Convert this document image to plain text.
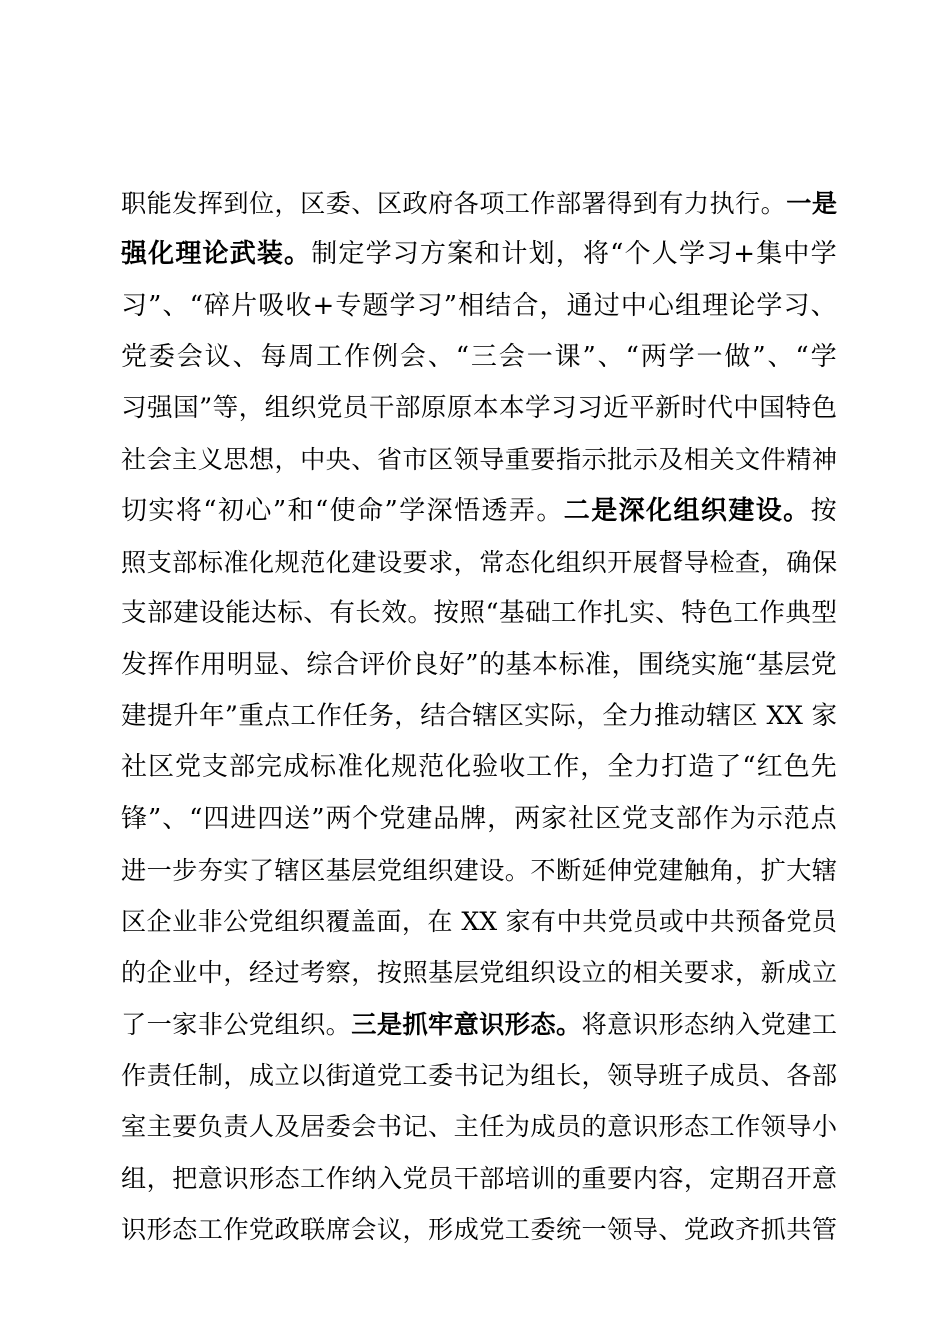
职能发挥到位，区委、区政府各项工作部署得到有力执行。一是
强化理论武装。制定学习方案和计划，将“个人学习+集中学
习”、“碎片吸收+专题学习”相结合，通过中心组理论学习、
党委会议、每周工作例会、“三会一课”、“两学一做”、“学
习强国”等，组织党员干部原原本本学习习近平新时代中国特色
社会主义思想，中央、省市区领导重要指示批示及相关文件精神
切实将“初心”和“使命”学深悟透弄。二是深化组织建设。按
照支部标准化规范化建设要求，常态化组织开展督导检查，确保
支部建设能达标、有长效。按照“基础工作扎实、特色工作典型
发挥作用明显、综合评价良好”的基本标准，围绕实施“基层党
建提升年”重点工作任务，结合辖区实际，全力推动辖区 XX 家
社区党支部完成标准化规范化验收工作，全力打造了“红色先
锋”、“四进四送”两个党建品牌，两家社区党支部作为示范点
进一步夯实了辖区基层党组织建设。不断延伸党建触角，扩大辖
区企业非公党组织覆盖面，在 XX 家有中共党员或中共预备党员
的企业中，经过考察，按照基层党组织设立的相关要求，新成立
了一家非公党组织。三是抓牢意识形态。将意识形态纳入党建工
作责任制，成立以街道党工委书记为组长，领导班子成员、各部
室主要负责人及居委会书记、主任为成员的意识形态工作领导小
组，把意识形态工作纳入党员干部培训的重要内容，定期召开意
识形态工作党政联席会议，形成党工委统一领导、党政齐抓共管
